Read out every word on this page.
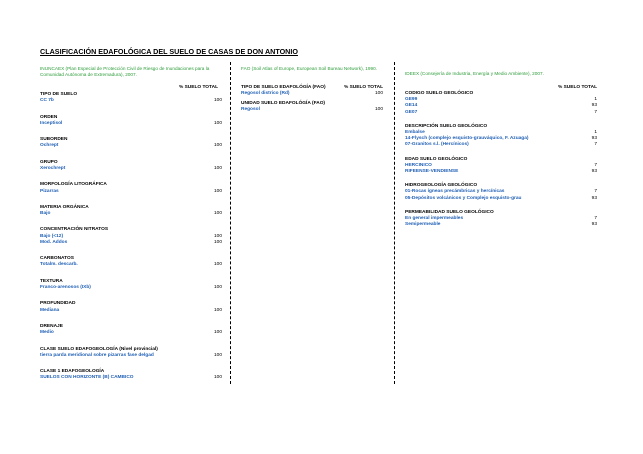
CLASIFICACIÓN EDAFOLÓGICA DEL SUELO DE CASAS DE DON ANTONIO
INUNCAEX (Plan Especial de Protección Civil de Riesgo de Inundaciones para la Comunidad Autónoma de Extremadura), 2007.
% SUELO TOTAL
TIPO DE SUELO
CC 7b	100
ORDEN
Inceptisol	100
SUBORDEN
Ochrept	100
GRUPO
Xerochrept	100
MORFOLOGÍA LITOGRÁFICA
Pizarras	100
MATERIA ORGÁNICA
Bajo	100
CONCENTRACIÓN NITRATOS
Bajo (<12)	100
Mod. Addos	100
CARBONATOS
Totalm. descarb.	100
TEXTURA
Franco-arenosos (IXb)	100
PROFUNDIDAD
Mediana	100
DRENAJE
Medio	100
CLASE SUELO EDAFOGEOLOGÍA (Nivel provincial)
tierra parda meridional sobre pizarras fase delgad	100
CLASE 1 EDAFOGEOLOGÍA
SUELOS CON HORIZONTE (B) CAMBICO	100
FAO (Soil Atlas of Europe, European Soil Bureau Network), 1990.
TIPO DE SUELO EDAFOLÓGÍA (FAO)	% SUELO TOTAL
Regosol districo (Rd)	100
UNIDAD SUELO EDAFOLÓGÍA (FAO)
Regosol	100
IDEEX (Consejería de Industria, Energía y Medio Ambiente), 2007.
% SUELO TOTAL
CODIGO SUELO GEOLÓGICO
GE99	1
GE14	93
GE07	7
DESCRIPCIÓN SUELO GEOLÓGICO
Embalse	1
14-Flysch (complejo esquisto-grauváquico, F. Azuaga)	93
07-Granitos s.l. (Hercínicos)	7
EDAD SUELO GEOLÓGICO
HERCINICO	7
RIFEENSE-VENDIENSE	93
HIDROGEOLOGÍA GEOLÓGICO
01-Rocas ígneas precámbricas y hercínicas	7
05-Depósitos volcánicos y Complejo esquisto-grau	93
PERMEABILIDAD SUELO GEOLÓGICO
En general impermeables	7
Semipermeable	93
